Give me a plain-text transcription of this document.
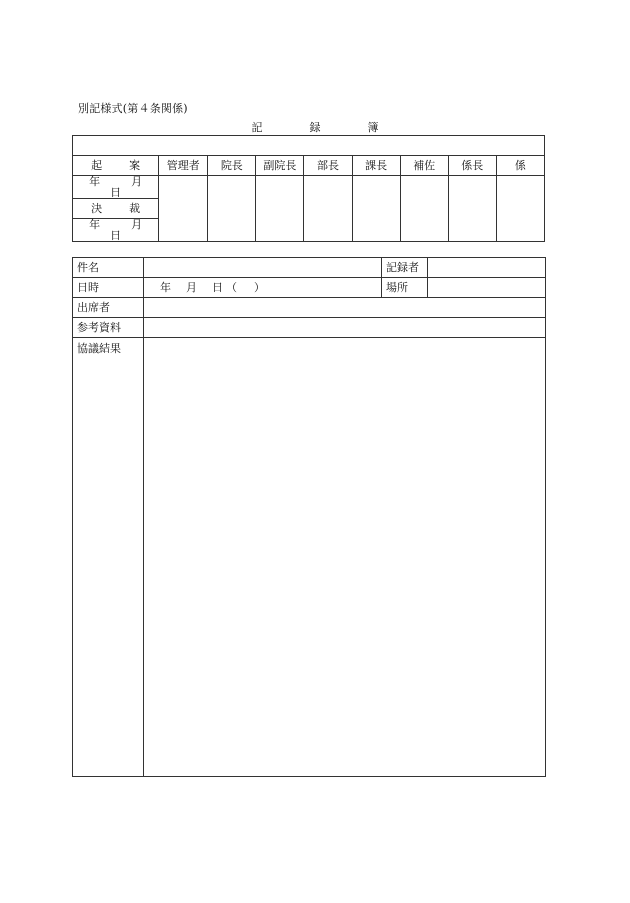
別記様式(第４条関係)
記　録　簿

起　案	管理者	院長	副院長	部長	課長	補佐	係長	係
年　月　日								
決　裁								
年　月　日								
件名		記録者	
日時	年 月 日（　）	場所	
出席者			
参考資料			
協議結果			
